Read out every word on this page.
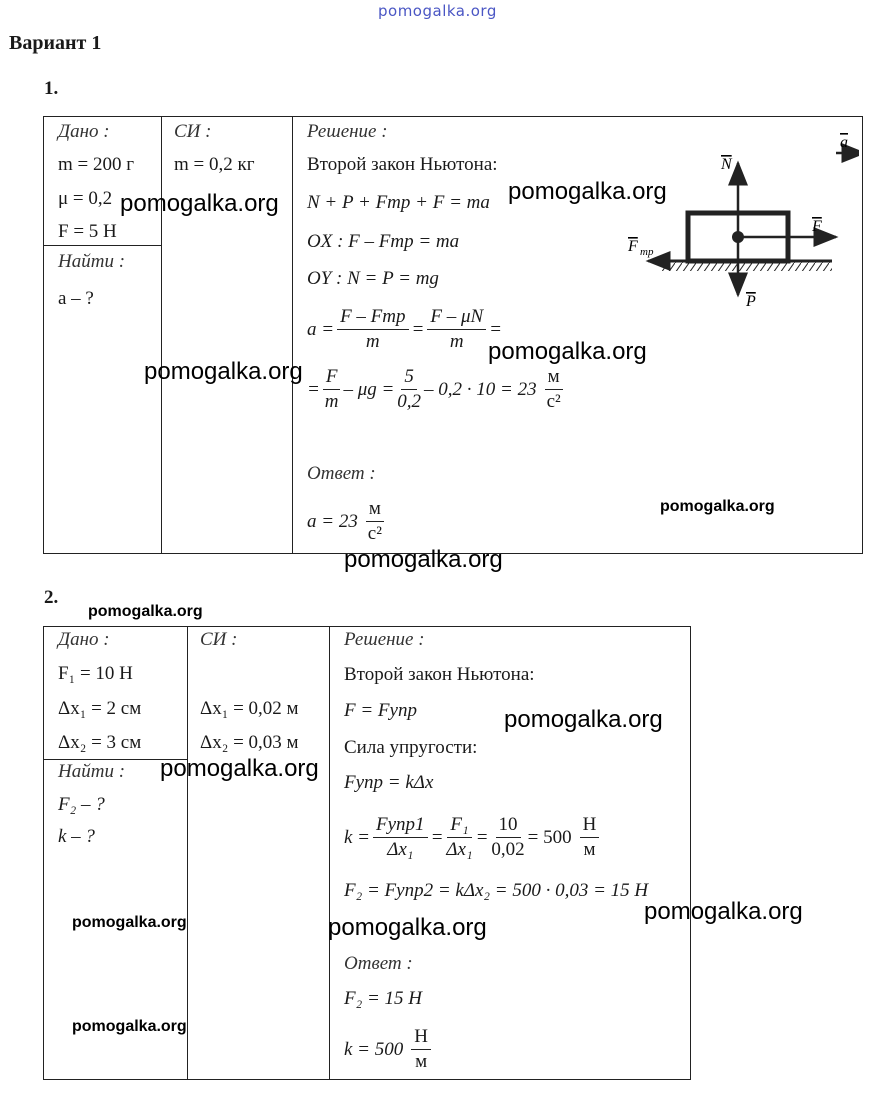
pomogalka.org
Вариант 1
1.
Дано :
m = 200 г
μ = 0,2
F = 5 Н
Найти :
a – ?
СИ :
m = 0,2 кг
Решение :
Второй закон Ньютона:
N + P + Fтр + F = ma
OX : F – Fтр = ma
OY : N = P = mg
$a = \frac{\text{F – Fтр}}{m} = \frac{F - \mu N}{m}$ =
= $\frac{F}{m} - \mu g = \frac{5}{0,2} - 0,2 \cdot 10 = 23 \frac{м}{\text{с²}}$
Ответ :
$a = 23 \frac{м}{\text{с²}}$
N
P
F
F тр
a
2.
Дано :
F₁ = 10 Н
Δx₁ = 2 см
Δx₂ = 3 см
Найти :
F₂ – ?
k – ?
СИ :
Δx₁ = 0,02 м
Δx₂ = 0,03 м
Решение :
Второй закон Ньютона:
F = Fупр
Сила упругости:
Fупр = kΔx
$k = \frac{\text{Fупр1}}{\text{Δx₁}} = \frac{\text{F₁}}{\text{Δx₁}} = \frac{10}{0,02} = 500 \frac{Н}{м}$
F₂ = Fупр2 = kΔx₂ = 500 · 0,03 = 15 Н
Ответ :
F₂ = 15 Н
$k = 500 \frac{Н}{м}$
pomogalka.org	pomogalka.org
pomogalka.org
pomogalka.org
pomogalka.org
pomogalka.org
pomogalka.org
pomogalka.org
pomogalka.org
pomogalka.org
pomogalka.org	pomogalka.org
pomogalka.org
